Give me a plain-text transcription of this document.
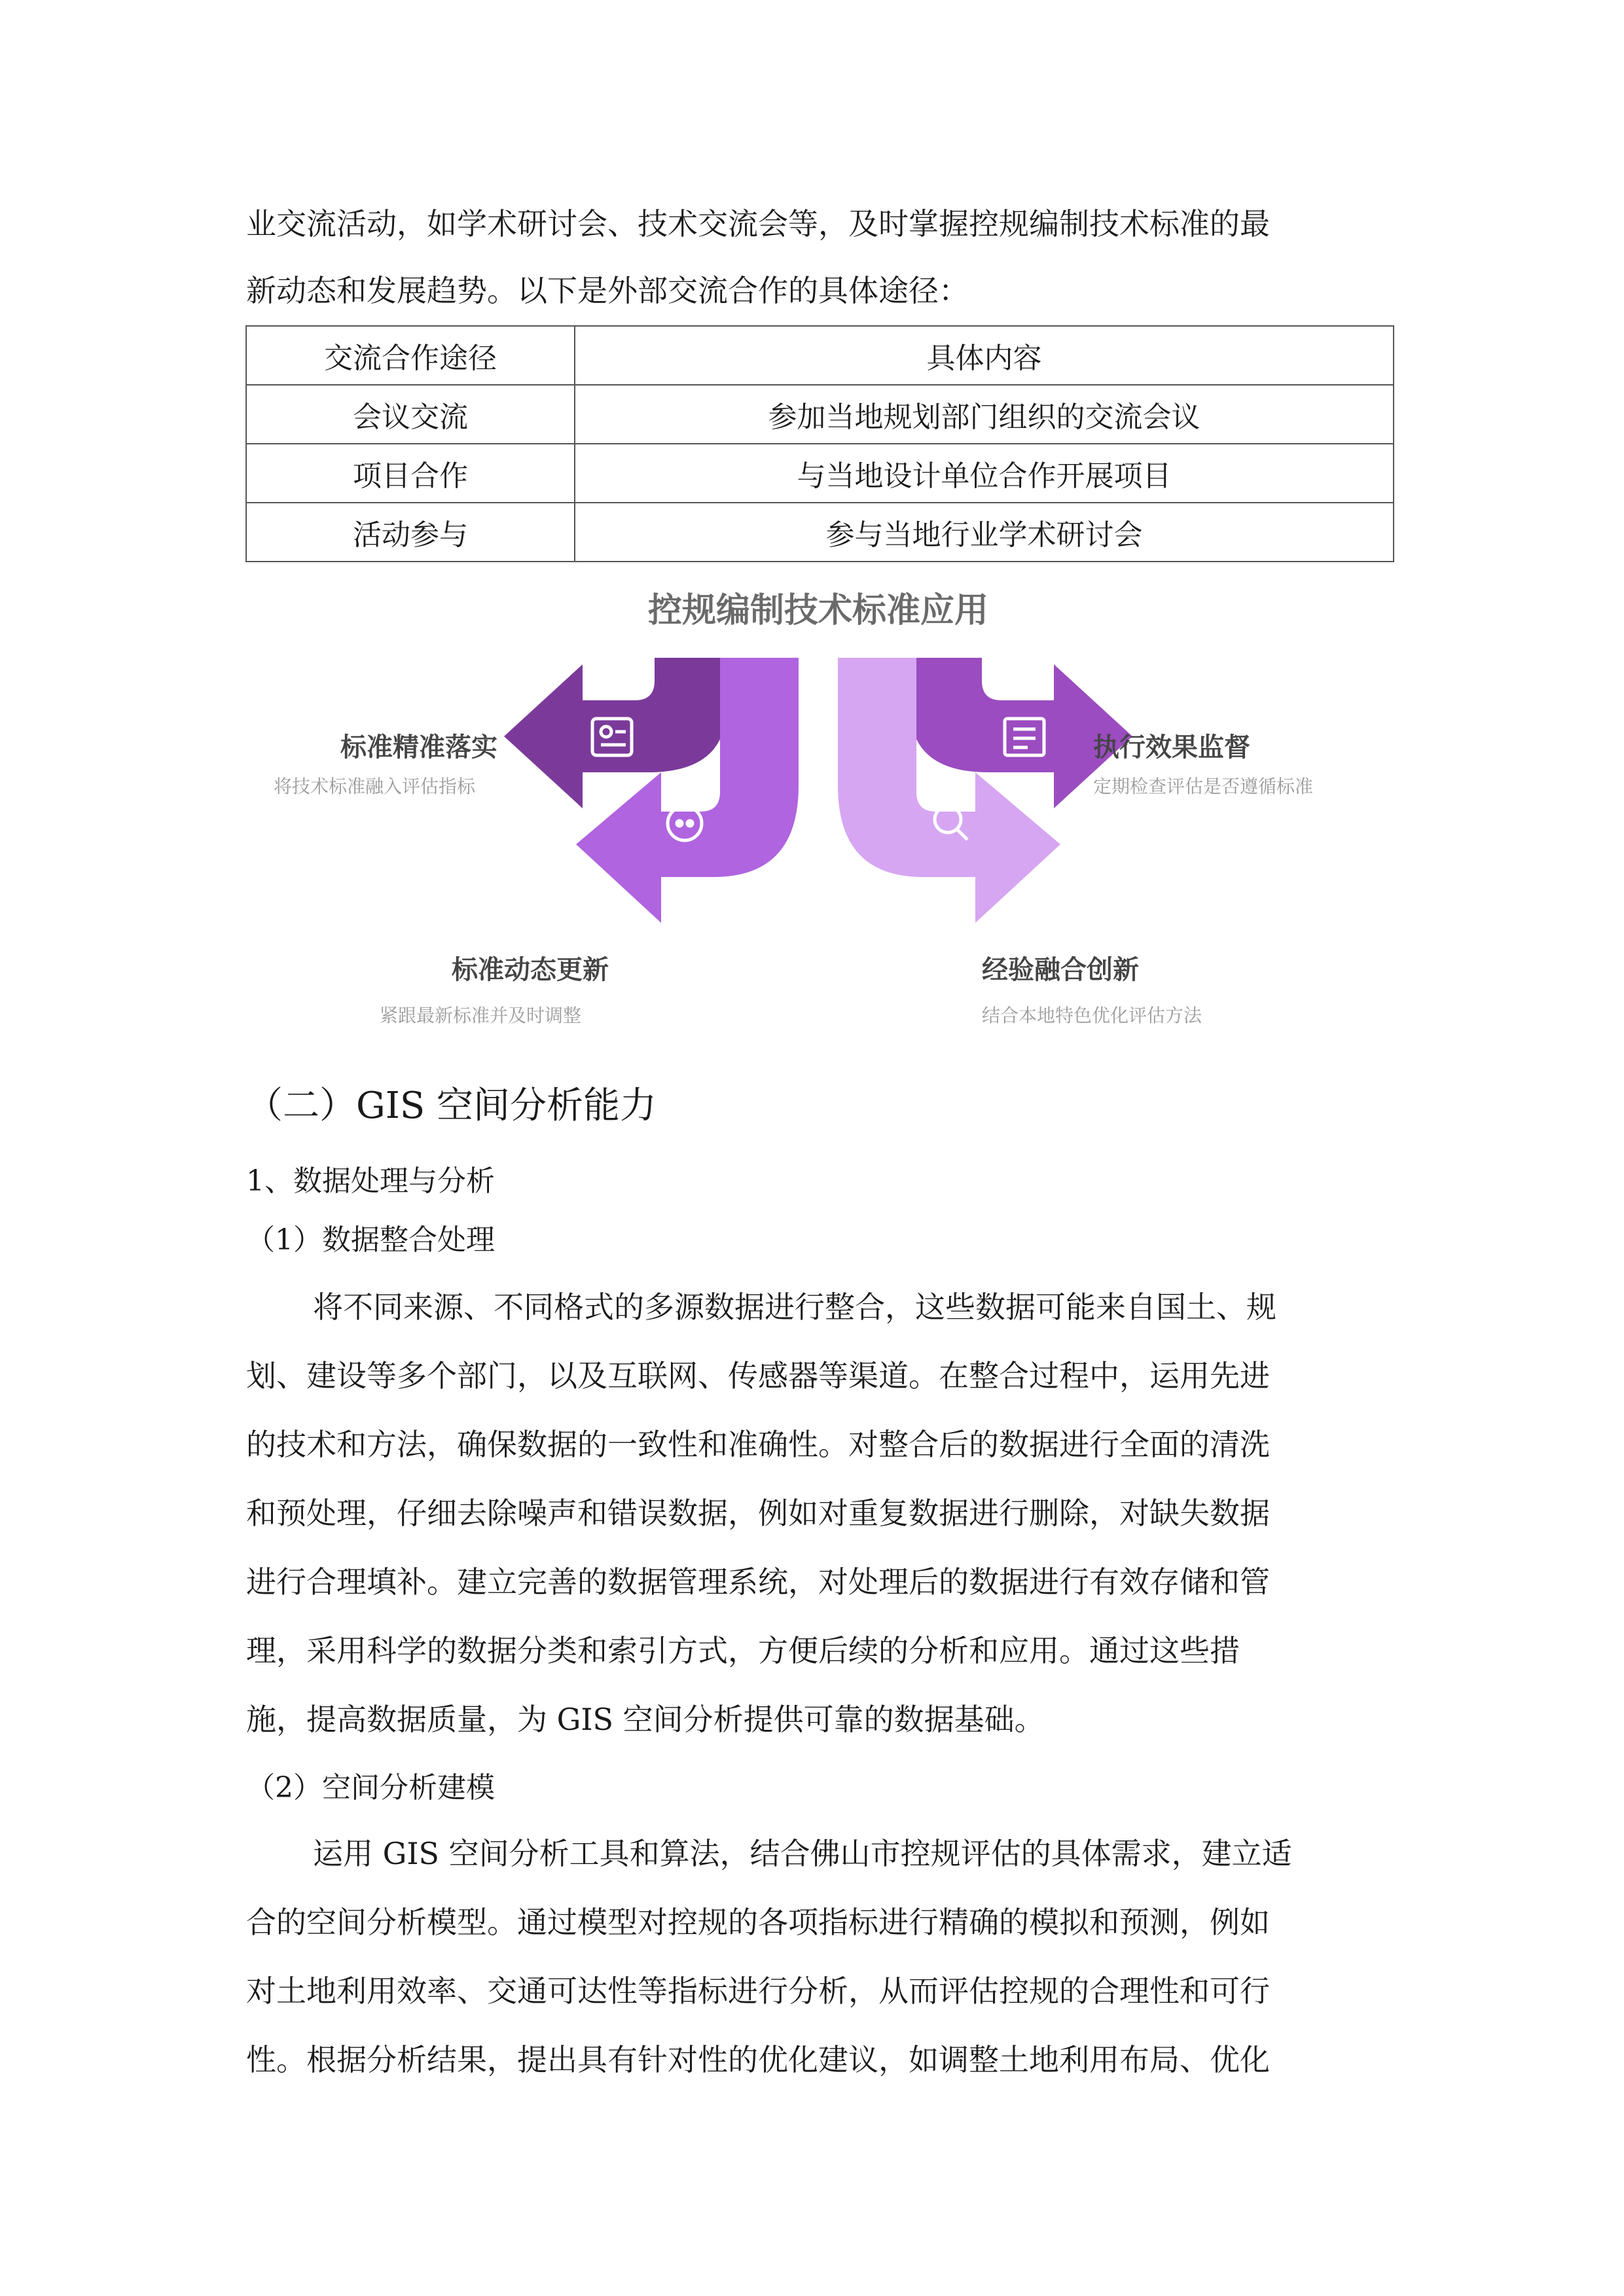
业交流活动，如学术研讨会、技术交流会等，及时掌握控规编制技术标准的最
新动态和发展趋势。以下是外部交流合作的具体途径：
交流合作途径	具体内容
会议交流	参加当地规划部门组织的交流会议
项目合作	与当地设计单位合作开展项目
活动参与	参与当地行业学术研讨会
控规编制技术标准应用
标准精准落实
将技术标准融入评估指标
执行效果监督
定期检查评估是否遵循标准
标准动态更新
紧跟最新标准并及时调整
经验融合创新
结合本地特色优化评估方法
（二）GIS 空间分析能力
1、数据处理与分析
（1）数据整合处理
将不同来源、不同格式的多源数据进行整合，这些数据可能来自国土、规
划、建设等多个部门，以及互联网、传感器等渠道。在整合过程中，运用先进
的技术和方法，确保数据的一致性和准确性。对整合后的数据进行全面的清洗
和预处理，仔细去除噪声和错误数据，例如对重复数据进行删除，对缺失数据
进行合理填补。建立完善的数据管理系统，对处理后的数据进行有效存储和管
理，采用科学的数据分类和索引方式，方便后续的分析和应用。通过这些措
施，提高数据质量，为 GIS 空间分析提供可靠的数据基础。
（2）空间分析建模
运用 GIS 空间分析工具和算法，结合佛山市控规评估的具体需求，建立适
合的空间分析模型。通过模型对控规的各项指标进行精确的模拟和预测，例如
对土地利用效率、交通可达性等指标进行分析，从而评估控规的合理性和可行
性。根据分析结果，提出具有针对性的优化建议，如调整土地利用布局、优化
